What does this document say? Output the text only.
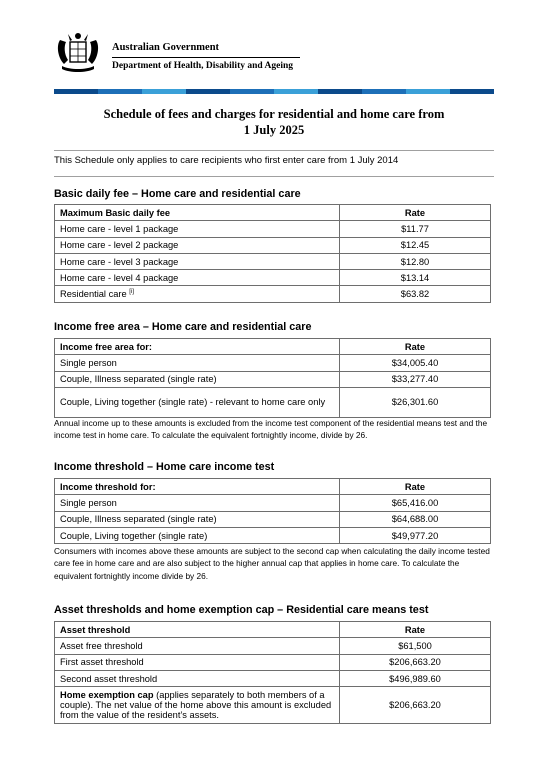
Australian Government
Department of Health, Disability and Ageing
Schedule of fees and charges for residential and home care from
1 July 2025
This Schedule only applies to care recipients who first enter care from 1 July 2014
Basic daily fee – Home care and residential care
Maximum Basic daily fee	Rate
Home care - level 1 package	$11.77
Home care - level 2 package	$12.45
Home care - level 3 package	$12.80
Home care - level 4 package	$13.14
Residential care [i]	$63.82
Income free area – Home care and residential care
Income free area for:	Rate
Single person	$34,005.40
Couple, Illness separated (single rate)	$33,277.40
Couple, Living together (single rate) - relevant to home care only	$26,301.60
Annual income up to these amounts is excluded from the income test component of the residential means test and the income test in home care. To calculate the equivalent fortnightly income, divide by 26.
Income threshold – Home care income test
Income threshold for:	Rate
Single person	$65,416.00
Couple, Illness separated (single rate)	$64,688.00
Couple, Living together (single rate)	$49,977.20
Consumers with incomes above these amounts are subject to the second cap when calculating the daily income tested care fee in home care and are also subject to the higher annual cap that applies in home care. To calculate the equivalent fortnightly income divide by 26.
Asset thresholds and home exemption cap – Residential care means test
Asset threshold	Rate
Asset free threshold	$61,500
First asset threshold	$206,663.20
Second asset threshold	$496,989.60
Home exemption cap (applies separately to both members of a couple). The net value of the home above this amount is excluded from the value of the resident’s assets.	$206,663.20
